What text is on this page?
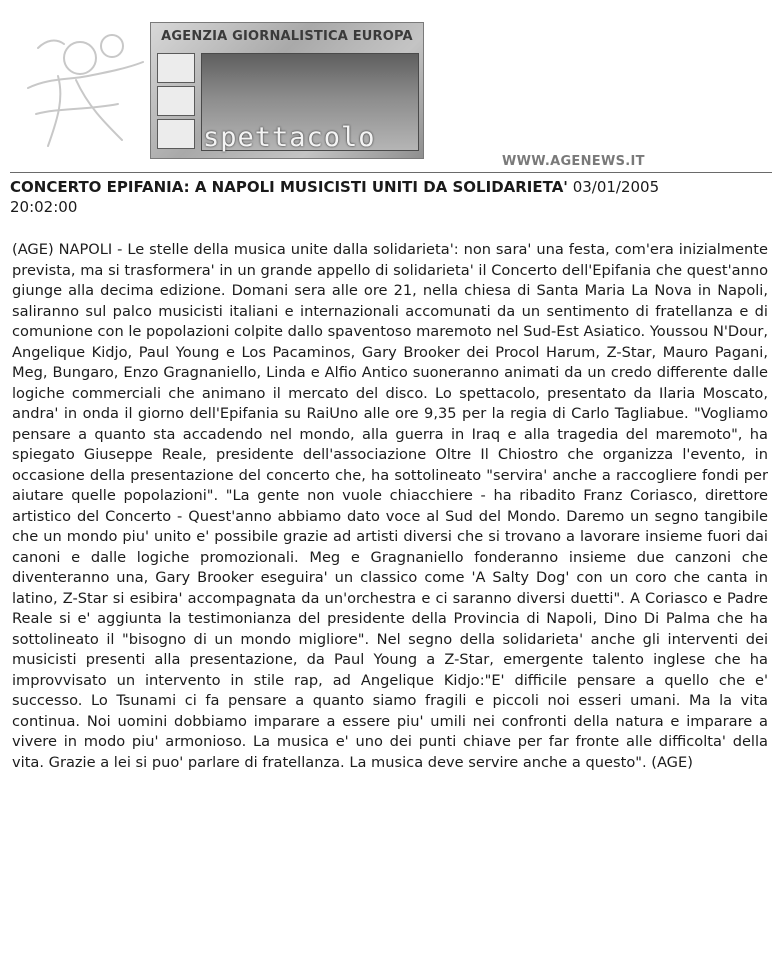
AGENZIA GIORNALISTICA EUROPA
spettacolo
WWW.AGENEWS.IT
CONCERTO EPIFANIA: A NAPOLI MUSICISTI UNITI DA SOLIDARIETA' 03/01/2005
20:02:00

(AGE) NAPOLI - Le stelle della musica unite dalla solidarieta': non sara' una festa, com'era inizialmente prevista, ma si trasformera' in un grande appello di solidarieta' il Concerto dell'Epifania che quest'anno giunge alla decima edizione. Domani sera alle ore 21, nella chiesa di Santa Maria La Nova in Napoli, saliranno sul palco musicisti italiani e internazionali accomunati da un sentimento di fratellanza e di comunione con le popolazioni colpite dallo spaventoso maremoto nel Sud-Est Asiatico. Youssou N'Dour, Angelique Kidjo, Paul Young e Los Pacaminos, Gary Brooker dei Procol Harum, Z-Star, Mauro Pagani, Meg, Bungaro, Enzo Gragnaniello, Linda e Alfio Antico suoneranno animati da un credo differente dalle logiche commerciali che animano il mercato del disco. Lo spettacolo, presentato da Ilaria Moscato, andra' in onda il giorno dell'Epifania su RaiUno alle ore 9,35 per la regia di Carlo Tagliabue. "Vogliamo pensare a quanto sta accadendo nel mondo, alla guerra in Iraq e alla tragedia del maremoto", ha spiegato Giuseppe Reale, presidente dell'associazione Oltre Il Chiostro che organizza l'evento, in occasione della presentazione del concerto che, ha sottolineato "servira' anche a raccogliere fondi per aiutare quelle popolazioni". "La gente non vuole chiacchiere - ha ribadito Franz Coriasco, direttore artistico del Concerto - Quest'anno abbiamo dato voce al Sud del Mondo. Daremo un segno tangibile che un mondo piu' unito e' possibile grazie ad artisti diversi che si trovano a lavorare insieme fuori dai canoni e dalle logiche promozionali. Meg e Gragnaniello fonderanno insieme due canzoni che diventeranno una, Gary Brooker eseguira' un classico come 'A Salty Dog' con un coro che canta in latino, Z-Star si esibira' accompagnata da un'orchestra e ci saranno diversi duetti". A Coriasco e Padre Reale si e' aggiunta la testimonianza del presidente della Provincia di Napoli, Dino Di Palma che ha sottolineato il "bisogno di un mondo migliore". Nel segno della solidarieta' anche gli interventi dei musicisti presenti alla presentazione, da Paul Young a Z-Star, emergente talento inglese che ha improvvisato un intervento in stile rap, ad Angelique Kidjo:"E' difficile pensare a quello che e' successo. Lo Tsunami ci fa pensare a quanto siamo fragili e piccoli noi esseri umani. Ma la vita continua. Noi uomini dobbiamo imparare a essere piu' umili nei confronti della natura e imparare a vivere in modo piu' armonioso. La musica e' uno dei punti chiave per far fronte alle difficolta' della vita. Grazie a lei si puo' parlare di fratellanza. La musica deve servire anche a questo". (AGE)
